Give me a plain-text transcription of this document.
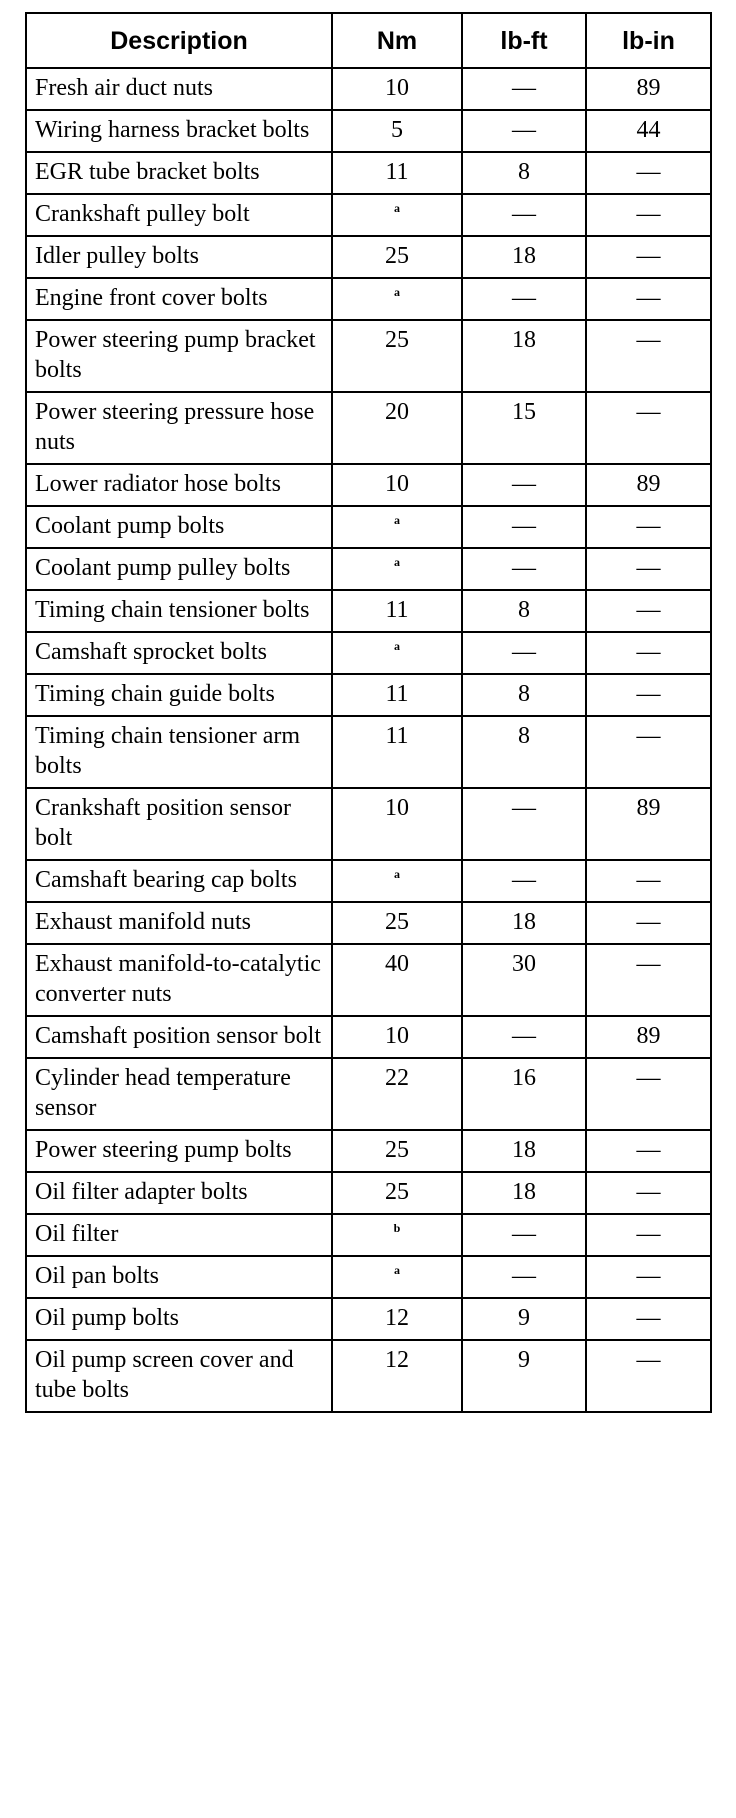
Description	Nm	lb-ft	lb-in
Fresh air duct nuts	10	—	89
Wiring harness bracket bolts	5	—	44
EGR tube bracket bolts	11	8	—
Crankshaft pulley bolt	$^a$	—	—
Idler pulley bolts	25	18	—
Engine front cover bolts	$^a$	—	—
Power steering pump bracket bolts	25	18	—
Power steering pressure hose nuts	20	15	—
Lower radiator hose bolts	10	—	89
Coolant pump bolts	$^a$	—	—
Coolant pump pulley bolts	$^a$	—	—
Timing chain tensioner bolts	11	8	—
Camshaft sprocket bolts	$^a$	—	—
Timing chain guide bolts	11	8	—
Timing chain tensioner arm bolts	11	8	—
Crankshaft position sensor bolt	10	—	89
Camshaft bearing cap bolts	$^a$	—	—
Exhaust manifold nuts	25	18	—
Exhaust manifold-to-catalytic converter nuts	40	30	—
Camshaft position sensor bolt	10	—	89
Cylinder head temperature sensor	22	16	—
Power steering pump bolts	25	18	—
Oil filter adapter bolts	25	18	—
Oil filter	$^b$	—	—
Oil pan bolts	$^a$	—	—
Oil pump bolts	12	9	—
Oil pump screen cover and tube bolts	12	9	—
